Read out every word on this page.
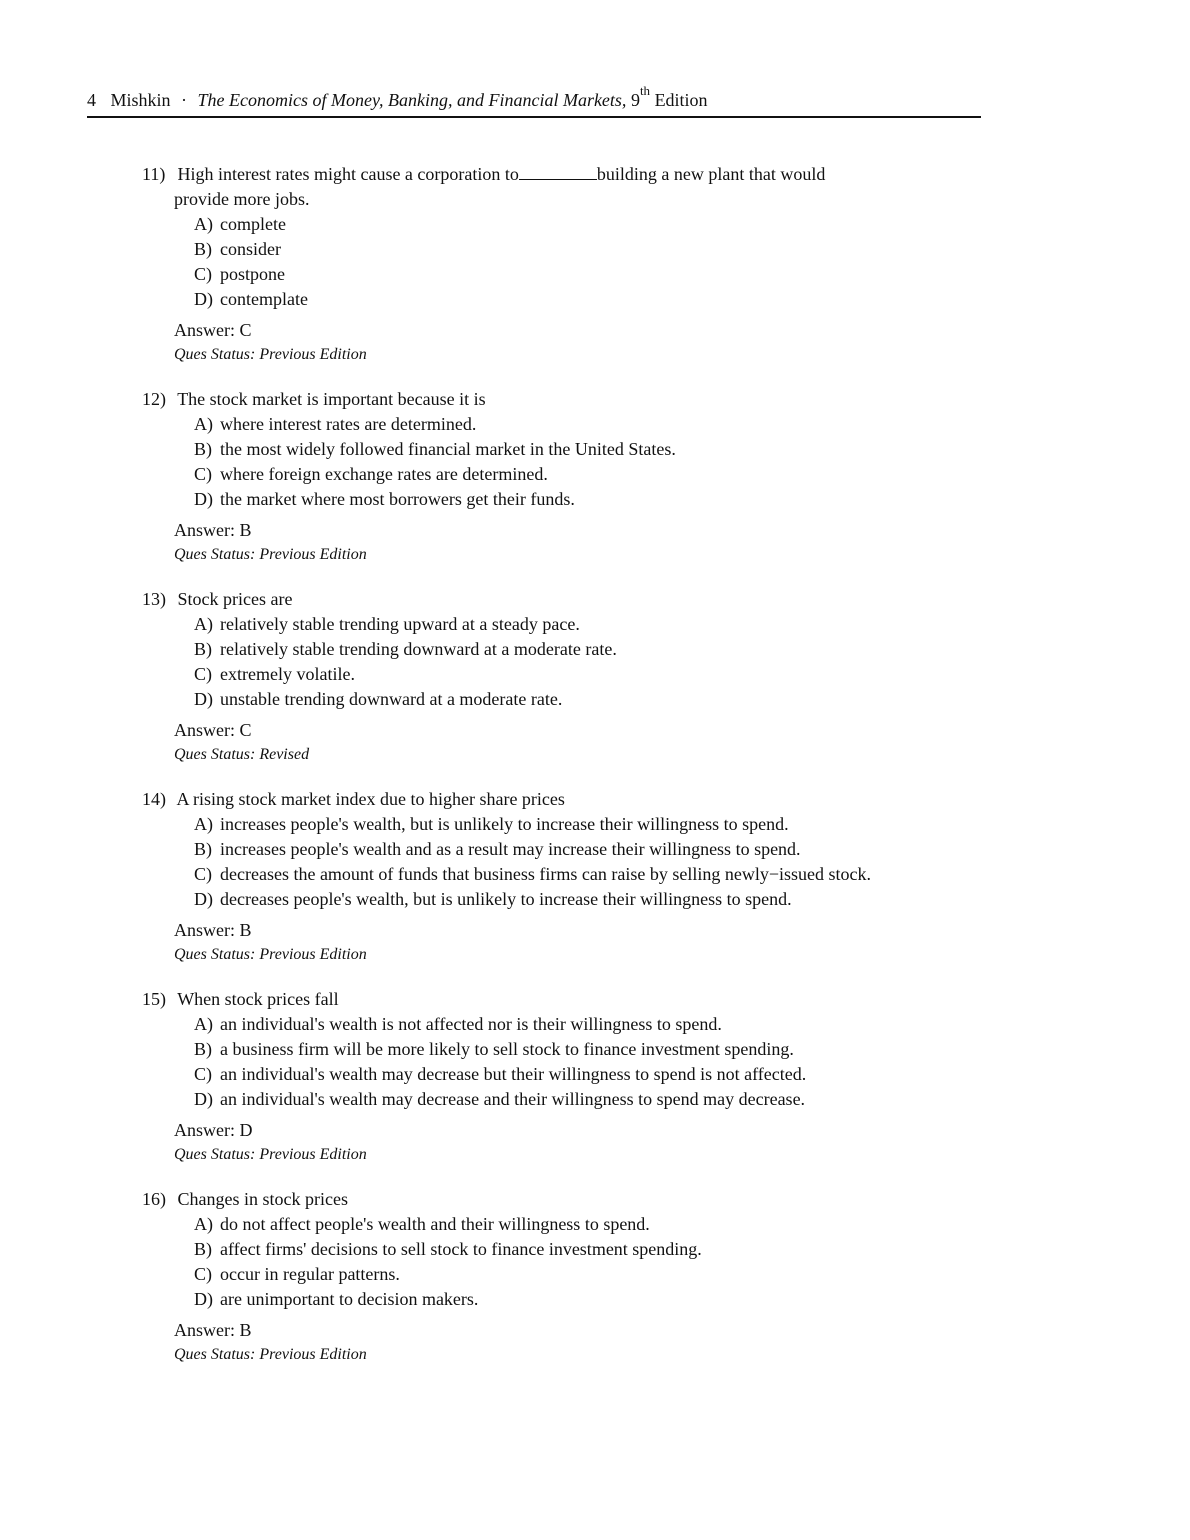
4 Mishkin · The Economics of Money, Banking, and Financial Markets, 9th Edition
11) High interest rates might cause a corporation to	building a new plant that would
provide more jobs.
A) complete
B) consider
C) postpone
D) contemplate
Answer: C
Ques Status: Previous Edition
12) The stock market is important because it is
A) where interest rates are determined.
B) the most widely followed financial market in the United States.
C) where foreign exchange rates are determined.
D) the market where most borrowers get their funds.
Answer: B
Ques Status: Previous Edition
13) Stock prices are
A) relatively stable trending upward at a steady pace.
B) relatively stable trending downward at a moderate rate.
C) extremely volatile.
D) unstable trending downward at a moderate rate.
Answer: C
Ques Status: Revised
14) A rising stock market index due to higher share prices
A) increases people's wealth, but is unlikely to increase their willingness to spend.
B) increases people's wealth and as a result may increase their willingness to spend.
C) decreases the amount of funds that business firms can raise by selling newly−issued stock.
D) decreases people's wealth, but is unlikely to increase their willingness to spend.
Answer: B
Ques Status: Previous Edition
15) When stock prices fall
A) an individual's wealth is not affected nor is their willingness to spend.
B) a business firm will be more likely to sell stock to finance investment spending.
C) an individual's wealth may decrease but their willingness to spend is not affected.
D) an individual's wealth may decrease and their willingness to spend may decrease.
Answer: D
Ques Status: Previous Edition
16) Changes in stock prices
A) do not affect people's wealth and their willingness to spend.
B) affect firms' decisions to sell stock to finance investment spending.
C) occur in regular patterns.
D) are unimportant to decision makers.
Answer: B
Ques Status: Previous Edition
